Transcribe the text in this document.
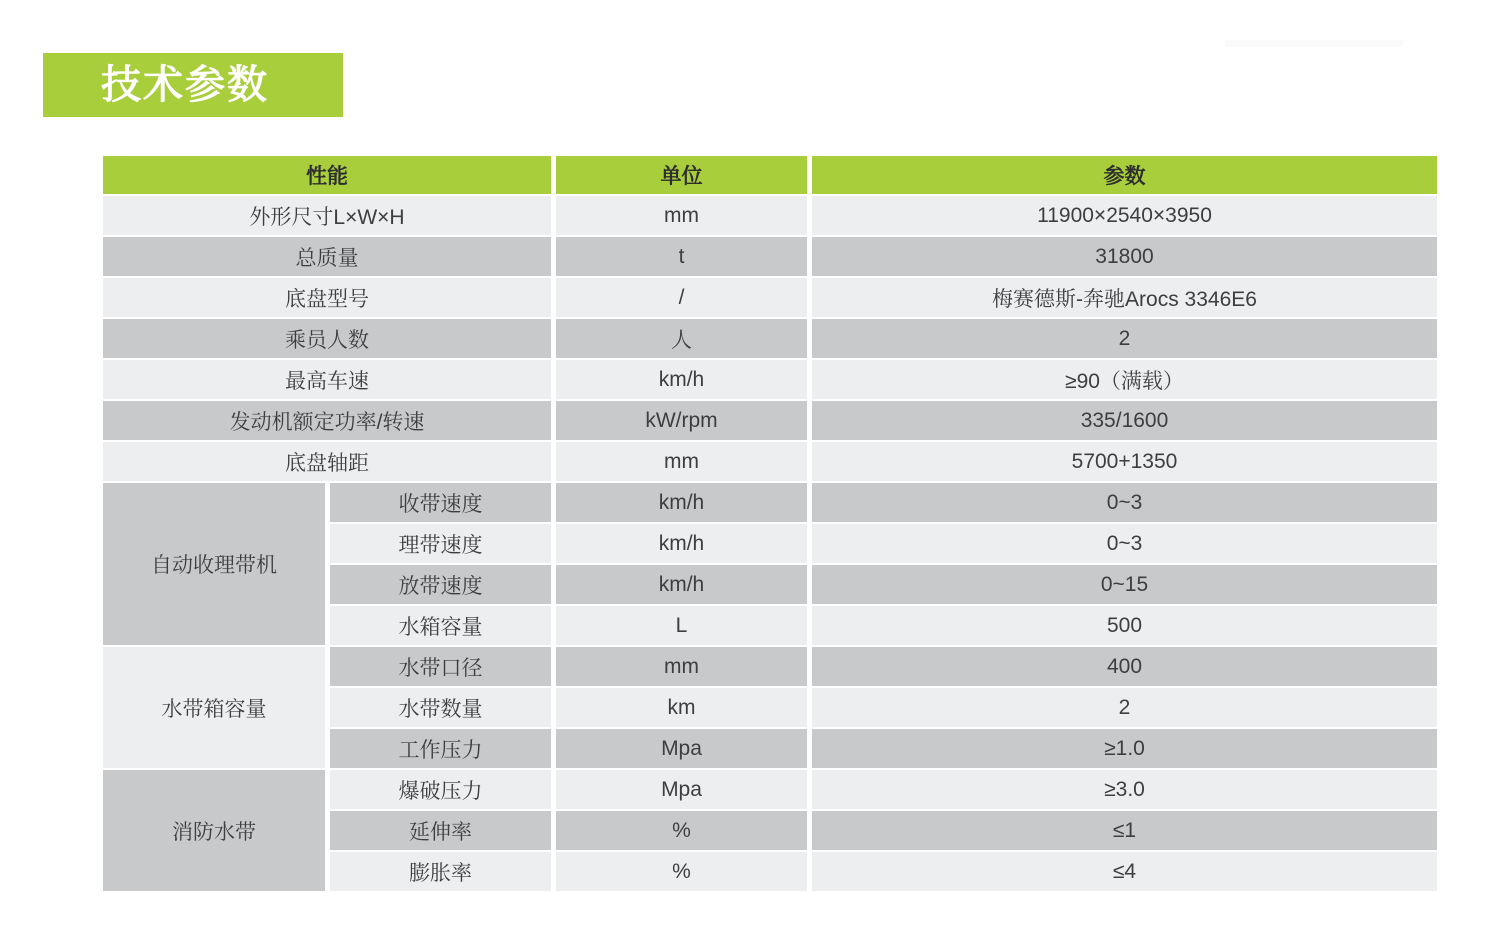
技术参数
性能		单位	参数
外形尺寸L×W×H		mm	11900×2540×3950
总质量		t	31800
底盘型号		/	梅赛德斯-奔驰Arocs 3346E6
乘员人数		人	2
最高车速		km/h	≥90（满载）
发动机额定功率/转速		kW/rpm	335/1600
底盘轴距		mm	5700+1350
自动收理带机	收带速度	km/h	0~3
	理带速度	km/h	0~3
	放带速度	km/h	0~15
	水箱容量	L	500
水带箱容量	水带口径	mm	400
	水带数量	km	2
	工作压力	Mpa	≥1.0
消防水带	爆破压力	Mpa	≥3.0
	延伸率	%	≤1
	膨胀率	%	≤4
